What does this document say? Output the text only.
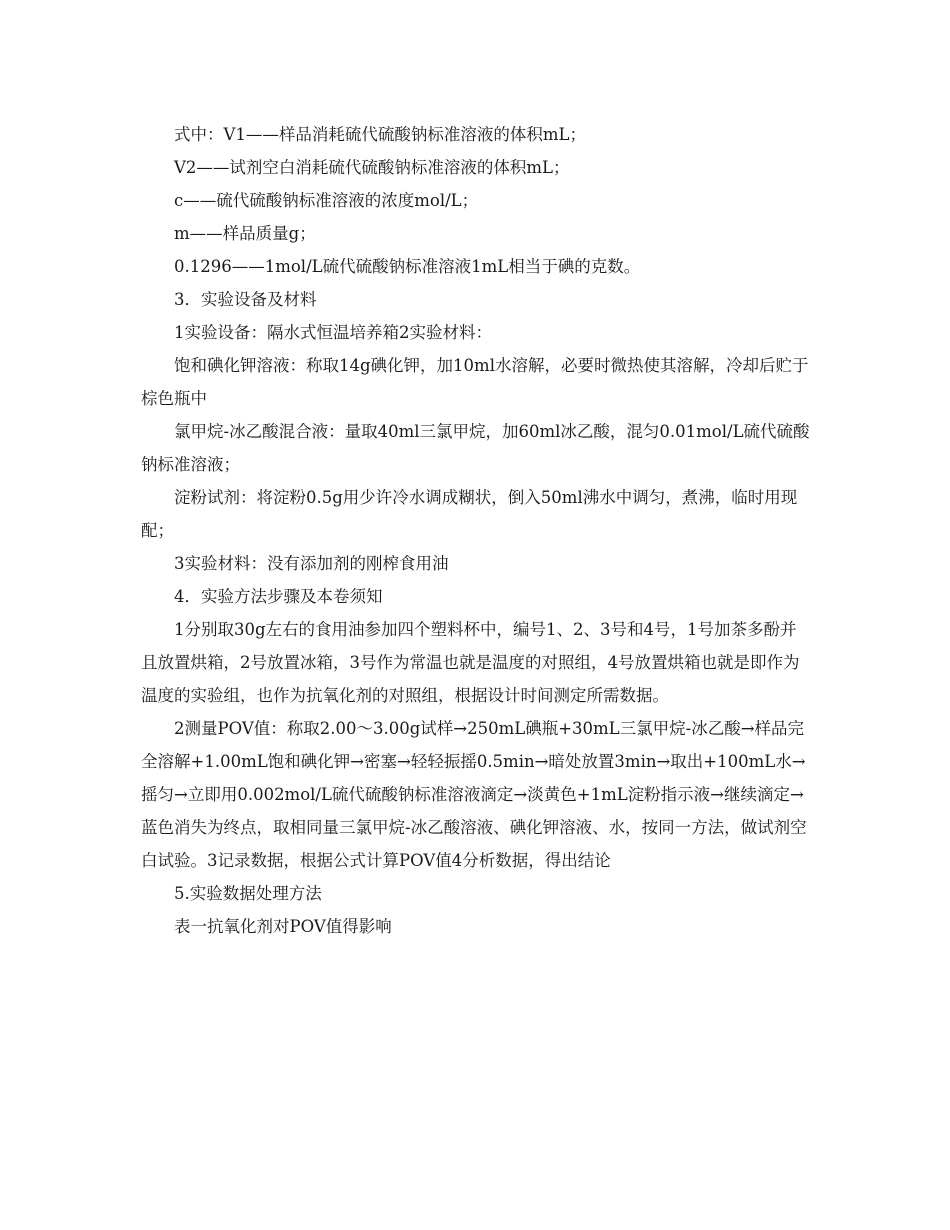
式中：V1——样品消耗硫代硫酸钠标准溶液的体积mL；

V2——试剂空白消耗硫代硫酸钠标准溶液的体积mL；

c——硫代硫酸钠标准溶液的浓度mol/L；

m——样品质量g；

0.1296——1mol/L硫代硫酸钠标准溶液1mL相当于碘的克数。

3．实验设备及材料

1实验设备：隔水式恒温培养箱2实验材料：

饱和碘化钾溶液：称取14g碘化钾，加10ml水溶解，必要时微热使其溶解，冷却后贮于棕色瓶中

氯甲烷-冰乙酸混合液：量取40ml三氯甲烷，加60ml冰乙酸，混匀0.01mol/L硫代硫酸钠标准溶液；

淀粉试剂：将淀粉0.5g用少许冷水调成糊状，倒入50ml沸水中调匀，煮沸，临时用现配；

3实验材料：没有添加剂的刚榨食用油

4．实验方法步骤及本卷须知

1分别取30g左右的食用油参加四个塑料杯中，编号1、2、3号和4号，1号加茶多酚并且放置烘箱，2号放置冰箱，3号作为常温也就是温度的对照组，4号放置烘箱也就是即作为温度的实验组，也作为抗氧化剂的对照组，根据设计时间测定所需数据。

2测量POV值：称取2.00～3.00g试样→250mL碘瓶+30mL三氯甲烷-冰乙酸→样品完全溶解+1.00mL饱和碘化钾→密塞→轻轻振摇0.5min→暗处放置3min→取出+100mL水→摇匀→立即用0.002mol/L硫代硫酸钠标准溶液滴定→淡黄色+1mL淀粉指示液→继续滴定→蓝色消失为终点，取相同量三氯甲烷-冰乙酸溶液、碘化钾溶液、水，按同一方法，做试剂空白试验。3记录数据，根据公式计算POV值4分析数据，得出结论

5.实验数据处理方法

表一抗氧化剂对POV值得影响
